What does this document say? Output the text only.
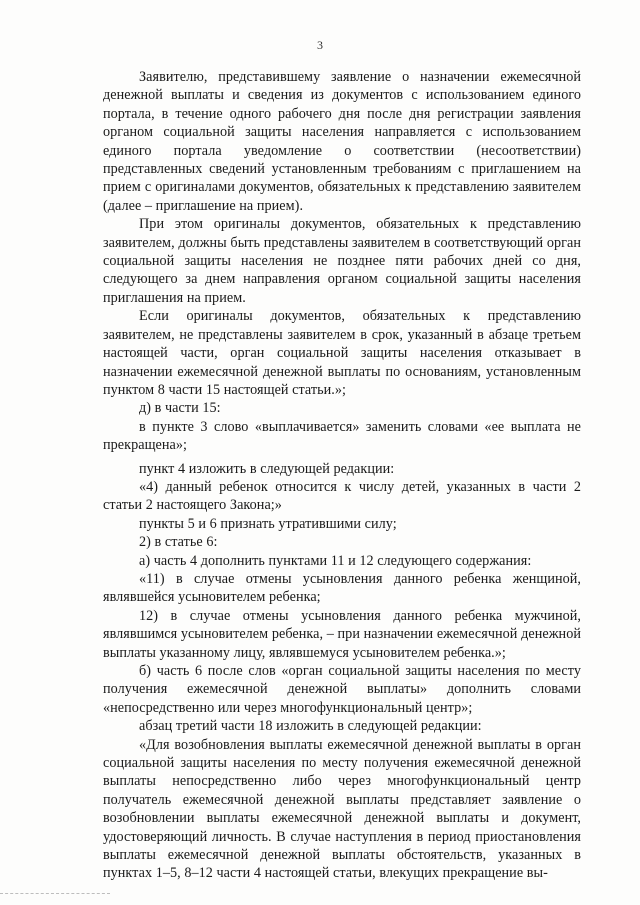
3

Заявителю, представившему заявление о назначении ежемесячной денежной выплаты и сведения из документов с использованием единого портала, в течение одного рабочего дня после дня регистрации заявления органом социальной защиты населения направляется с использованием единого портала уведомление о соответствии (несоответствии) представленных сведений установленным требованиям с приглашением на прием с оригиналами документов, обязательных к представлению заявителем (далее – приглашение на прием).

При этом оригиналы документов, обязательных к представлению заявителем, должны быть представлены заявителем в соответствующий орган социальной защиты населения не позднее пяти рабочих дней со дня, следующего за днем направления органом социальной защиты населения приглашения на прием.

Если оригиналы документов, обязательных к представлению заявителем, не представлены заявителем в срок, указанный в абзаце третьем настоящей части, орган социальной защиты населения отказывает в назначении ежемесячной денежной выплаты по основаниям, установленным пунктом 8 части 15 настоящей статьи.»;

д) в части 15:

в пункте 3 слово «выплачивается» заменить словами «ее выплата не прекращена»;

пункт 4 изложить в следующей редакции:

«4) данный ребенок относится к числу детей, указанных в части 2 статьи 2 настоящего Закона;»

пункты 5 и 6 признать утратившими силу;

2) в статье 6:

а) часть 4 дополнить пунктами 11 и 12 следующего содержания:

«11) в случае отмены усыновления данного ребенка женщиной, являвшейся усыновителем ребенка;

12) в случае отмены усыновления данного ребенка мужчиной, являвшимся усыновителем ребенка, – при назначении ежемесячной денежной выплаты указанному лицу, являвшемуся усыновителем ребенка.»;

б) часть 6 после слов «орган социальной защиты населения по месту получения ежемесячной денежной выплаты» дополнить словами «непосредственно или через многофункциональный центр»;

абзац третий части 18 изложить в следующей редакции:

«Для возобновления выплаты ежемесячной денежной выплаты в орган социальной защиты населения по месту получения ежемесячной денежной выплаты непосредственно либо через многофункциональный центр получатель ежемесячной денежной выплаты представляет заявление о возобновлении выплаты ежемесячной денежной выплаты и документ, удостоверяющий личность. В случае наступления в период приостановления выплаты ежемесячной денежной выплаты обстоятельств, указанных в пунктах 1–5, 8–12 части 4 настоящей статьи, влекущих прекращение вы-
